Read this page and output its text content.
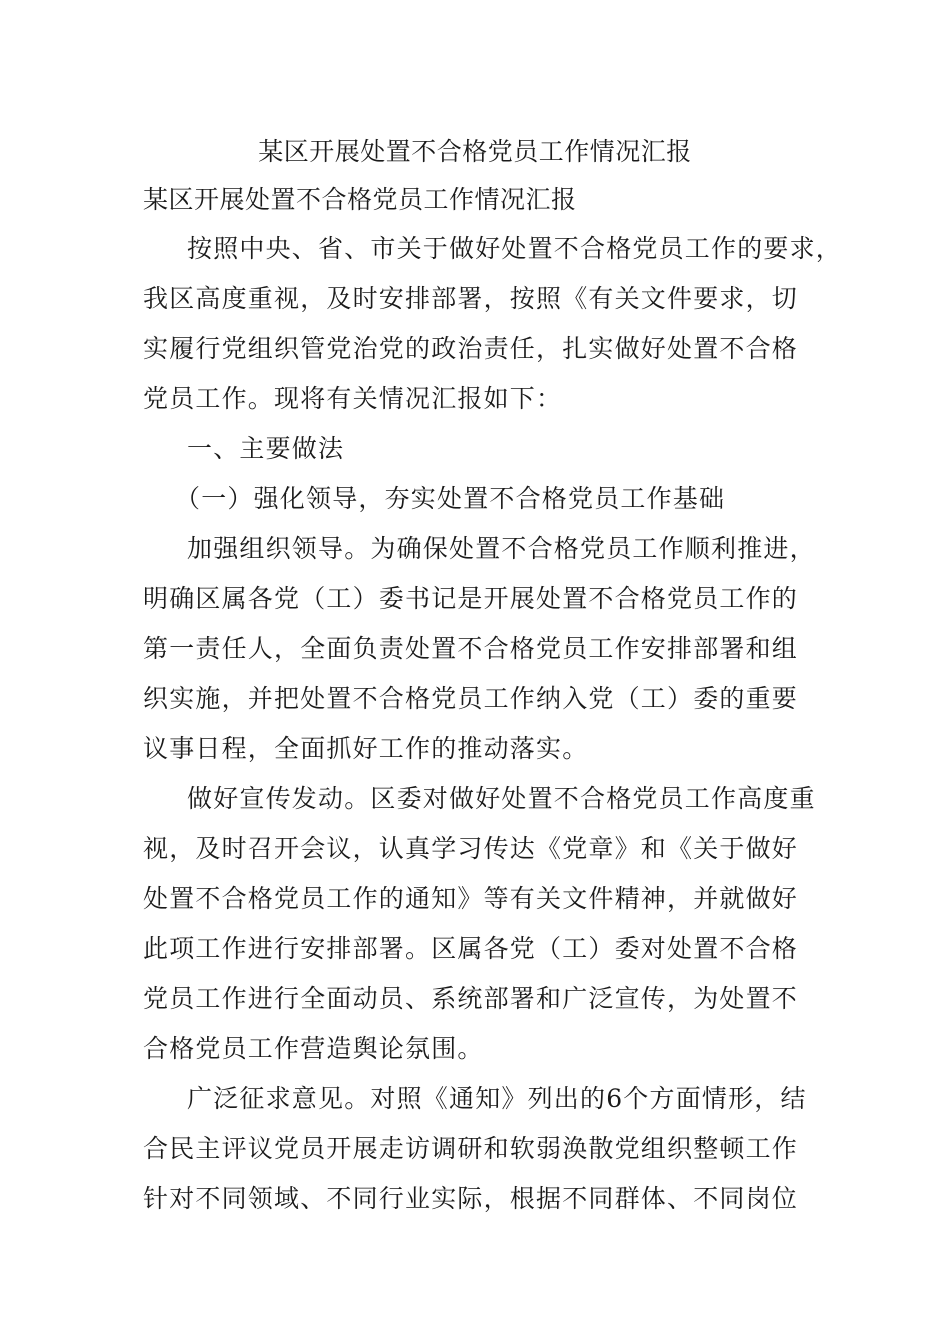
某区开展处置不合格党员工作情况汇报
某区开展处置不合格党员工作情况汇报
按照中央、省、市关于做好处置不合格党员工作的要求，
我区高度重视，及时安排部署，按照《有关文件要求，切
实履行党组织管党治党的政治责任，扎实做好处置不合格
党员工作。现将有关情况汇报如下：
一、主要做法
（一）强化领导，夯实处置不合格党员工作基础
加强组织领导。为确保处置不合格党员工作顺利推进，
明确区属各党（工）委书记是开展处置不合格党员工作的
第一责任人，全面负责处置不合格党员工作安排部署和组
织实施，并把处置不合格党员工作纳入党（工）委的重要
议事日程，全面抓好工作的推动落实。
做好宣传发动。区委对做好处置不合格党员工作高度重
视，及时召开会议，认真学习传达《党章》和《关于做好
处置不合格党员工作的通知》等有关文件精神，并就做好
此项工作进行安排部署。区属各党（工）委对处置不合格
党员工作进行全面动员、系统部署和广泛宣传，为处置不
合格党员工作营造舆论氛围。
广泛征求意见。对照《通知》列出的6个方面情形，结
合民主评议党员开展走访调研和软弱涣散党组织整顿工作
针对不同领域、不同行业实际，根据不同群体、不同岗位
